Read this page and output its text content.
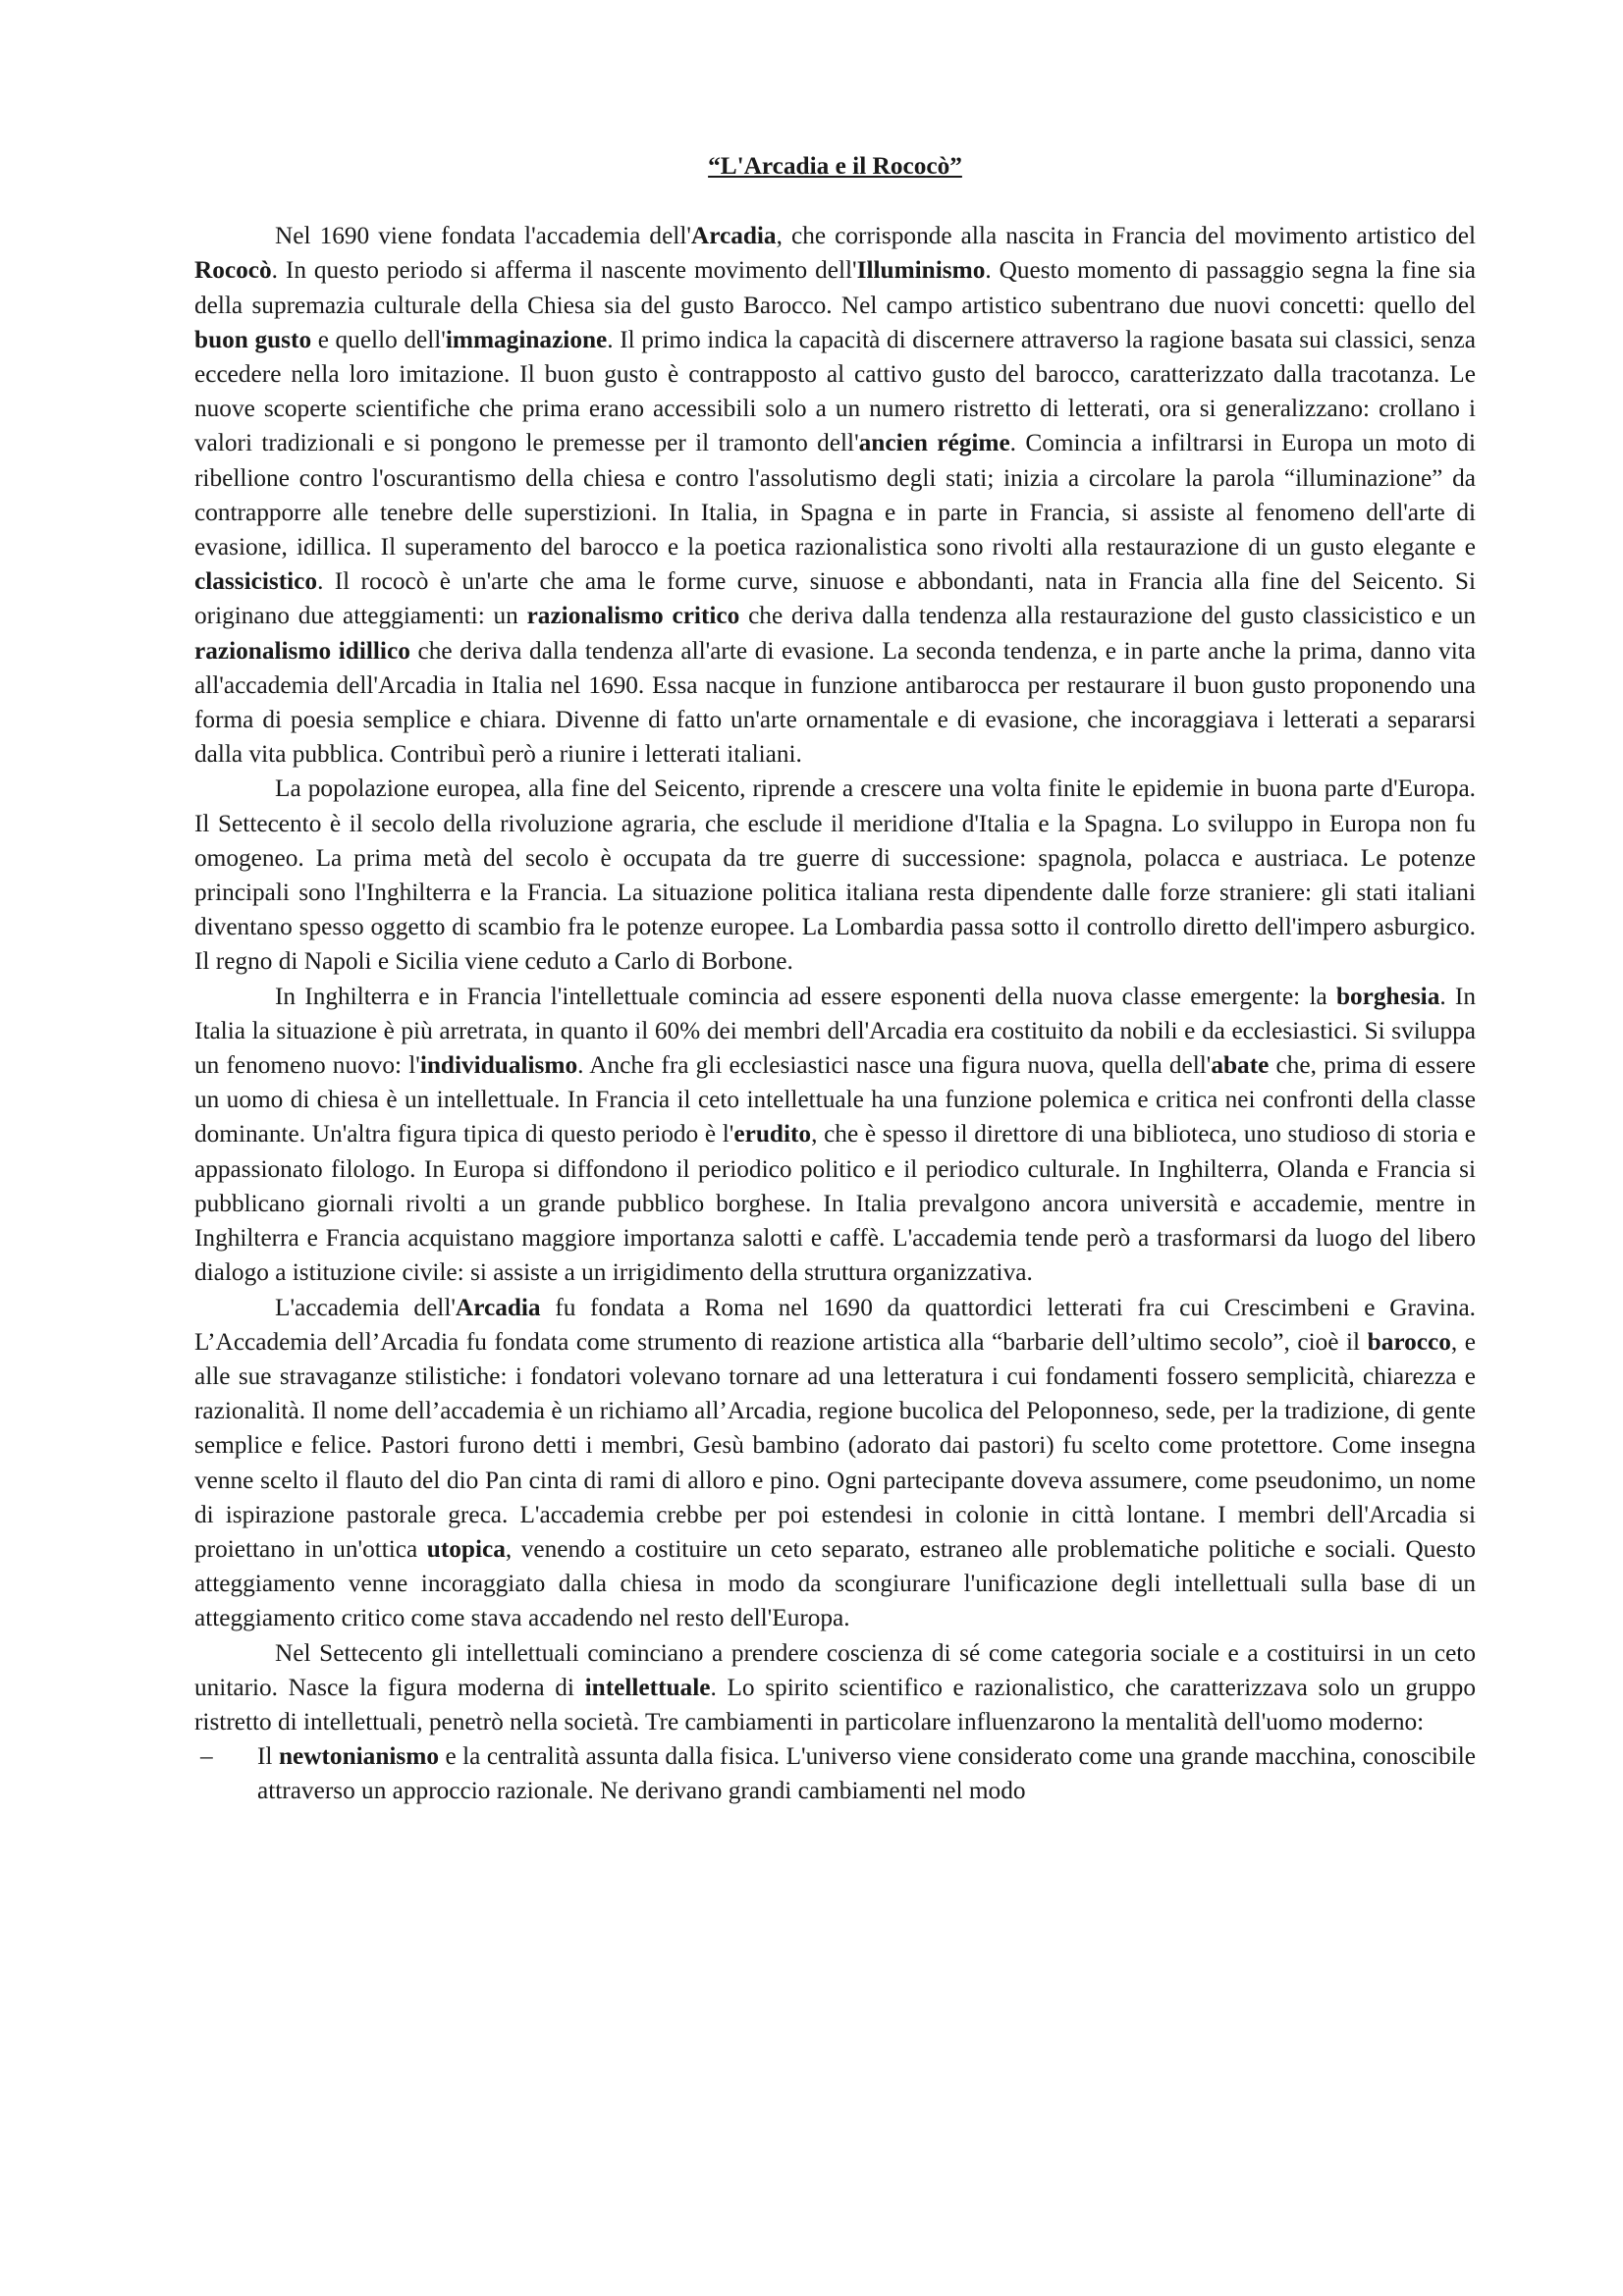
“L'Arcadia e il Rococò”

Nel 1690 viene fondata l'accademia dell'Arcadia, che corrisponde alla nascita in Francia del movimento artistico del Rococò. In questo periodo si afferma il nascente movimento dell'Illuminismo. Questo momento di passaggio segna la fine sia della supremazia culturale della Chiesa sia del gusto Barocco. Nel campo artistico subentrano due nuovi concetti: quello del buon gusto e quello dell'immaginazione. Il primo indica la capacità di discernere attraverso la ragione basata sui classici, senza eccedere nella loro imitazione. Il buon gusto è contrapposto al cattivo gusto del barocco, caratterizzato dalla tracotanza. Le nuove scoperte scientifiche che prima erano accessibili solo a un numero ristretto di letterati, ora si generalizzano: crollano i valori tradizionali e si pongono le premesse per il tramonto dell'ancien régime. Comincia a infiltrarsi in Europa un moto di ribellione contro l'oscurantismo della chiesa e contro l'assolutismo degli stati; inizia a circolare la parola “illuminazione” da contrapporre alle tenebre delle superstizioni. In Italia, in Spagna e in parte in Francia, si assiste al fenomeno dell'arte di evasione, idillica. Il superamento del barocco e la poetica razionalistica sono rivolti alla restaurazione di un gusto elegante e classicistico. Il rococò è un'arte che ama le forme curve, sinuose e abbondanti, nata in Francia alla fine del Seicento. Si originano due atteggiamenti: un razionalismo critico che deriva dalla tendenza alla restaurazione del gusto classicistico e un razionalismo idillico che deriva dalla tendenza all'arte di evasione. La seconda tendenza, e in parte anche la prima, danno vita all'accademia dell'Arcadia in Italia nel 1690. Essa nacque in funzione antibarocca per restaurare il buon gusto proponendo una forma di poesia semplice e chiara. Divenne di fatto un'arte ornamentale e di evasione, che incoraggiava i letterati a separarsi dalla vita pubblica. Contribuì però a riunire i letterati italiani.

La popolazione europea, alla fine del Seicento, riprende a crescere una volta finite le epidemie in buona parte d'Europa. Il Settecento è il secolo della rivoluzione agraria, che esclude il meridione d'Italia e la Spagna. Lo sviluppo in Europa non fu omogeneo. La prima metà del secolo è occupata da tre guerre di successione: spagnola, polacca e austriaca. Le potenze principali sono l'Inghilterra e la Francia. La situazione politica italiana resta dipendente dalle forze straniere: gli stati italiani diventano spesso oggetto di scambio fra le potenze europee. La Lombardia passa sotto il controllo diretto dell'impero asburgico. Il regno di Napoli e Sicilia viene ceduto a Carlo di Borbone.

In Inghilterra e in Francia l'intellettuale comincia ad essere esponenti della nuova classe emergente: la borghesia. In Italia la situazione è più arretrata, in quanto il 60% dei membri dell'Arcadia era costituito da nobili e da ecclesiastici. Si sviluppa un fenomeno nuovo: l'individualismo. Anche fra gli ecclesiastici nasce una figura nuova, quella dell'abate che, prima di essere un uomo di chiesa è un intellettuale. In Francia il ceto intellettuale ha una funzione polemica e critica nei confronti della classe dominante. Un'altra figura tipica di questo periodo è l'erudito, che è spesso il direttore di una biblioteca, uno studioso di storia e appassionato filologo. In Europa si diffondono il periodico politico e il periodico culturale. In Inghilterra, Olanda e Francia si pubblicano giornali rivolti a un grande pubblico borghese. In Italia prevalgono ancora università e accademie, mentre in Inghilterra e Francia acquistano maggiore importanza salotti e caffè. L'accademia tende però a trasformarsi da luogo del libero dialogo a istituzione civile: si assiste a un irrigidimento della struttura organizzativa.

L'accademia dell'Arcadia fu fondata a Roma nel 1690 da quattordici letterati fra cui Crescimbeni e Gravina. L’Accademia dell’Arcadia fu fondata come strumento di reazione artistica alla “barbarie dell’ultimo secolo”, cioè il barocco, e alle sue stravaganze stilistiche: i fondatori volevano tornare ad una letteratura i cui fondamenti fossero semplicità, chiarezza e razionalità. Il nome dell’accademia è un richiamo all’Arcadia, regione bucolica del Peloponneso, sede, per la tradizione, di gente semplice e felice. Pastori furono detti i membri, Gesù bambino (adorato dai pastori) fu scelto come protettore. Come insegna venne scelto il flauto del dio Pan cinta di rami di alloro e pino. Ogni partecipante doveva assumere, come pseudonimo, un nome di ispirazione pastorale greca. L'accademia crebbe per poi estendesi in colonie in città lontane. I membri dell'Arcadia si proiettano in un'ottica utopica, venendo a costituire un ceto separato, estraneo alle problematiche politiche e sociali. Questo atteggiamento venne incoraggiato dalla chiesa in modo da scongiurare l'unificazione degli intellettuali sulla base di un atteggiamento critico come stava accadendo nel resto dell'Europa.

Nel Settecento gli intellettuali cominciano a prendere coscienza di sé come categoria sociale e a costituirsi in un ceto unitario. Nasce la figura moderna di intellettuale. Lo spirito scientifico e razionalistico, che caratterizzava solo un gruppo ristretto di intellettuali, penetrò nella società. Tre cambiamenti in particolare influenzarono la mentalità dell'uomo moderno:

– Il newtonianismo e la centralità assunta dalla fisica. L'universo viene considerato come una grande macchina, conoscibile attraverso un approccio razionale. Ne derivano grandi cambiamenti nel modo
